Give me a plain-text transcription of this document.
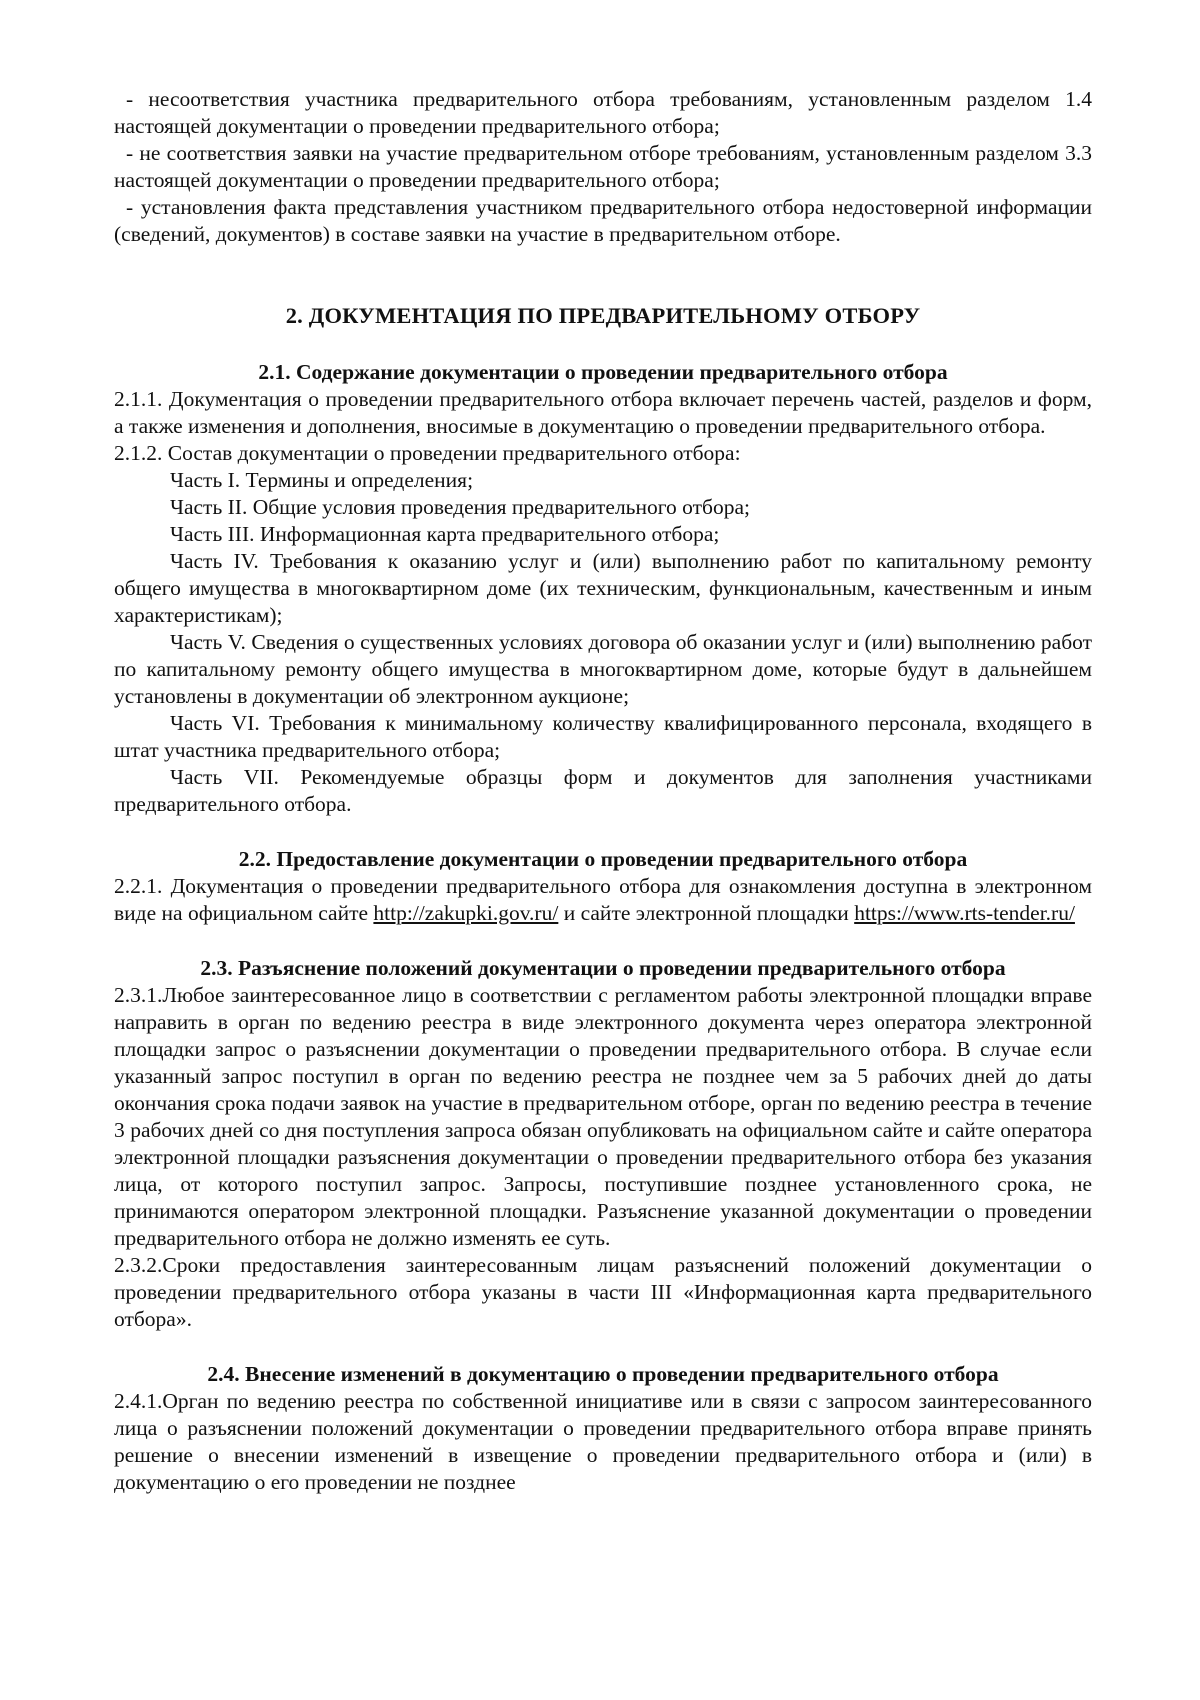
- несоответствия участника предварительного отбора требованиям, установленным разделом 1.4 настоящей документации о проведении предварительного отбора;

- не соответствия заявки на участие предварительном отборе требованиям, установленным разделом 3.3 настоящей документации о проведении предварительного отбора;

- установления факта представления участником предварительного отбора недостоверной информации (сведений, документов) в составе заявки на участие в предварительном отборе.

2. ДОКУМЕНТАЦИЯ ПО ПРЕДВАРИТЕЛЬНОМУ ОТБОРУ

2.1. Содержание документации о проведении предварительного отбора

2.1.1. Документация о проведении предварительного отбора включает перечень частей, разделов и форм, а также изменения и дополнения, вносимые в документацию о проведении предварительного отбора.

2.1.2. Состав документации о проведении предварительного отбора:

Часть I. Термины и определения;

Часть II. Общие условия проведения предварительного отбора;

Часть III. Информационная карта предварительного отбора;

Часть IV. Требования к оказанию услуг и (или) выполнению работ по капитальному ремонту общего имущества в многоквартирном доме (их техническим, функциональным, качественным и иным характеристикам);

Часть V. Сведения о существенных условиях договора об оказании услуг и (или) выполнению работ по капитальному ремонту общего имущества в многоквартирном доме, которые будут в дальнейшем установлены в документации об электронном аукционе;

Часть VI. Требования к минимальному количеству квалифицированного персонала, входящего в штат участника предварительного отбора;

Часть VII. Рекомендуемые образцы форм и документов для заполнения участниками предварительного отбора.

2.2. Предоставление документации о проведении предварительного отбора

2.2.1. Документация о проведении предварительного отбора для ознакомления доступна в электронном виде на официальном сайте http://zakupki.gov.ru/ и сайте электронной площадки https://www.rts-tender.ru/

2.3. Разъяснение положений документации о проведении предварительного отбора

2.3.1.Любое заинтересованное лицо в соответствии с регламентом работы электронной площадки вправе направить в орган по ведению реестра в виде электронного документа через оператора электронной площадки запрос о разъяснении документации о проведении предварительного отбора. В случае если указанный запрос поступил в орган по ведению реестра не позднее чем за 5 рабочих дней до даты окончания срока подачи заявок на участие в предварительном отборе, орган по ведению реестра в течение 3 рабочих дней со дня поступления запроса обязан опубликовать на официальном сайте и сайте оператора электронной площадки разъяснения документации о проведении предварительного отбора без указания лица, от которого поступил запрос. Запросы, поступившие позднее установленного срока, не принимаются оператором электронной площадки. Разъяснение указанной документации о проведении предварительного отбора не должно изменять ее суть.

2.3.2.Сроки предоставления заинтересованным лицам разъяснений положений документации о проведении предварительного отбора указаны в части III «Информационная карта предварительного отбора».

2.4. Внесение изменений в документацию о проведении предварительного отбора

2.4.1.Орган по ведению реестра по собственной инициативе или в связи с запросом заинтересованного лица о разъяснении положений документации о проведении предварительного отбора вправе принять решение о внесении изменений в извещение о проведении предварительного отбора и (или) в документацию о его проведении не позднее
